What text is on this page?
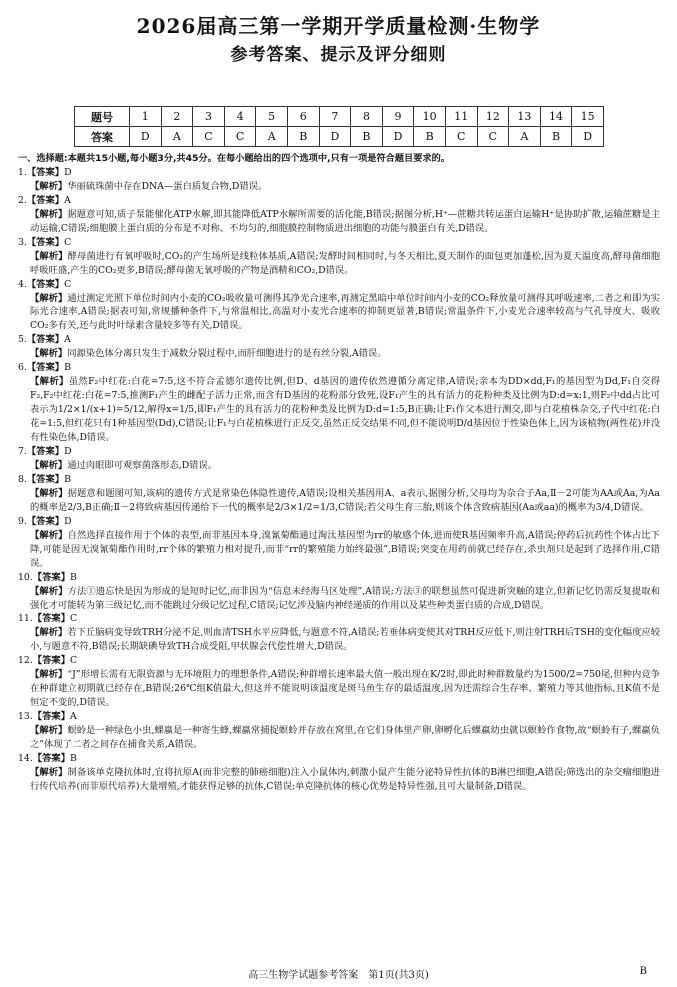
2026届高三第一学期开学质量检测·生物学
参考答案、提示及评分细则
题号	1	2	3	4	5	6	7	8	9	10	11	12	13	14	15
答案	D	A	C	C	A	B	D	B	D	B	C	C	A	B	D

一、选择题:本题共15小题,每小题3分,共45分。在每小题给出的四个选项中,只有一项是符合题目要求的。

1.【答案】D

【解析】华丽硫珠菌中存在DNA—蛋白质复合物,D错误。

2.【答案】A

【解析】据题意可知,质子泵能催化ATP水解,即其能降低ATP水解所需要的活化能,B错误;据图分析,H⁺—蔗糖共转运蛋白运输H⁺是协助扩散,运输蔗糖是主动运输,C错误;细胞膜上蛋白质的分布是不对称、不均匀的,细胞膜控制物质进出细胞的功能与膜蛋白有关,D错误。

3.【答案】C

【解析】酵母菌进行有氧呼吸时,CO₂的产生场所是线粒体基质,A错误;发酵时间相同时,与冬天相比,夏天制作的面包更加蓬松,因为夏天温度高,酵母菌细胞呼吸旺盛,产生的CO₂更多,B错误;酵母菌无氧呼吸的产物是酒精和CO₂,D错误。

4.【答案】C

【解析】通过测定光照下单位时间内小麦的CO₂吸收量可测得其净光合速率,再测定黑暗中单位时间内小麦的CO₂释放量可测得其呼吸速率,二者之和即为实际光合速率,A错误;据表可知,常规播种条件下,与常温相比,高温对小麦光合速率的抑制更显著,B错误;常温条件下,小麦光合速率较高与气孔导度大、吸收CO₂多有关,还与此时叶绿素含量较多等有关,D错误。

5.【答案】A

【解析】同源染色体分离只发生于减数分裂过程中,而肝细胞进行的是有丝分裂,A错误。

6.【答案】B

【解析】虽然F₂中红花:白花=7:5,这不符合孟德尔遗传比例,但D、d基因的遗传依然遵循分离定律,A错误;亲本为DD×dd,F₁的基因型为Dd,F₁自交得F₂,F₂中红花:白花=7:5,推测F₁产生的雌配子活力正常,而含有D基因的花粉部分致死,设F₁产生的具有活力的花粉种类及比例为D:d=x:1,则F₂中dd占比可表示为1/2×1/(x+1)=5/12,解得x=1/5,即F₁产生的具有活力的花粉种类及比例为D:d=1:5,B正确;让F₁作父本进行测交,即与白花植株杂交,子代中红花:白花=1:5,但红花只有1种基因型(Dd),C错误;让F₁与白花植株进行正反交,虽然正反交结果不同,但不能说明D/d基因位于性染色体上,因为该植物(两性花)并没有性染色体,D错误。

7.【答案】D

【解析】通过肉眼即可观察菌落形态,D错误。

8.【答案】B

【解析】据题意和题图可知,该病的遗传方式是常染色体隐性遗传,A错误;设相关基因用A、a表示,据图分析,父母均为杂合子Aa,Ⅱ－2可能为AA或Aa,为Aa的概率是2/3,B正确;Ⅱ－2将致病基因传递给下一代的概率是2/3×1/2=1/3,C错误;若父母生育三胎,则该个体含致病基因(Aa或aa)的概率为3/4,D错误。

9.【答案】D

【解析】自然选择直接作用于个体的表型,而非基因本身,溴氰菊酯通过淘汰基因型为rr的敏感个体,进而使R基因频率升高,A错误;停药后抗药性个体占比下降,可能是因无溴氰菊酯作用时,rr个体的繁殖力相对提升,而非“rr的繁殖能力始终最强”,B错误;突变在用药前就已经存在,杀虫剂只是起到了选择作用,C错误。

10.【答案】B

【解析】方法①遗忘快是因为形成的是短时记忆,而非因为“信息未经海马区处理”,A错误;方法③的联想虽然可促进新突触的建立,但新记忆仍需反复提取和强化才可能转为第三级记忆,而不能跳过分级记忆过程,C错误;记忆涉及脑内神经递质的作用以及某些种类蛋白质的合成,D错误。

11.【答案】C

【解析】若下丘脑病变导致TRH分泌不足,则血清TSH水平应降低,与题意不符,A错误;若垂体病变使其对TRH反应低下,则注射TRH后TSH的变化幅度应较小,与题意不符,B错误;长期缺碘导致TH合成受阻,甲状腺会代偿性增大,D错误。

12.【答案】C

【解析】“J”形增长需有无限资源与无环境阻力的理想条件,A错误;种群增长速率最大值一般出现在K/2时,即此时种群数量约为1500/2=750尾,但种内竞争在种群建立初期就已经存在,B错误;26℃组K值最大,但这并不能说明该温度是斑马鱼生存的最适温度,因为还需综合生存率、繁殖力等其他指标,且K值不是恒定不变的,D错误。

13.【答案】A

【解析】螟蛉是一种绿色小虫,蜾蠃是一种寄生蜂,蜾蠃常捕捉螟蛉并存放在窝里,在它们身体里产卵,卵孵化后蜾蠃幼虫就以螟蛉作食物,故“螟蛉有子,蜾蠃负之”体现了二者之间存在捕食关系,A错误。

14.【答案】B

【解析】制备该单克隆抗体时,宜将抗原A(而非完整的肺癌细胞)注入小鼠体内,刺激小鼠产生能分泌特异性抗体的B淋巴细胞,A错误;筛选出的杂交瘤细胞进行传代培养(而非原代培养)大量增殖,才能获得足够的抗体,C错误;单克隆抗体的核心优势是特异性强,且可大量制备,D错误。

高三生物学试题参考答案　第1页(共3页)	B
